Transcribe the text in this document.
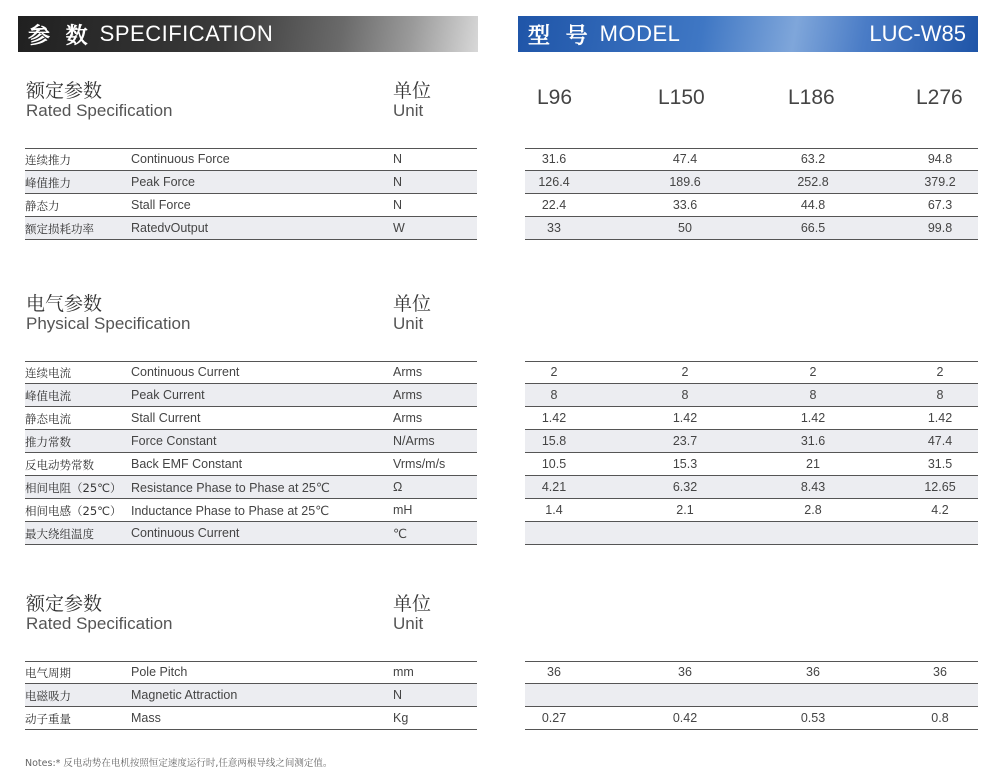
参 数 SPECIFICATION	型 号 MODEL	LUC-W85
额定参数
Rated Specification
单位
Unit
L96	L150	L186	L276
电气参数
Physical Specification
单位
Unit
额定参数
Rated Specification
单位
Unit
连续推力	Continuous Force	N	31.6	47.4	63.2	94.8
峰值推力	Peak Force	N	126.4	189.6	252.8	379.2
静态力	Stall Force	N	22.4	33.6	44.8	67.3
额定损耗功率	RatedvOutput	W	33	50	66.5	99.8
连续电流	Continuous Current	Arms	2	2	2	2
峰值电流	Peak Current	Arms	8	8	8	8
静态电流	Stall Current	Arms	1.42	1.42	1.42	1.42
推力常数	Force Constant	N/Arms	15.8	23.7	31.6	47.4
反电动势常数	Back EMF Constant	Vrms/m/s	10.5	15.3	21	31.5
相间电阻（25℃） Resistance Phase to Phase at 25℃	Ω	4.21	6.32	8.43	12.65
相间电感（25℃） Inductance Phase to Phase at 25℃	mH	1.4	2.1	2.8	4.2
最大绕组温度	Continuous Current	℃
电气周期	Pole Pitch	mm	36	36	36	36
电磁吸力	Magnetic Attraction	N
动子重量	Mass	Kg	0.27	0.42	0.53	0.8
Notes:* 反电动势在电机按照恒定速度运行时,任意两根导线之间测定值。
